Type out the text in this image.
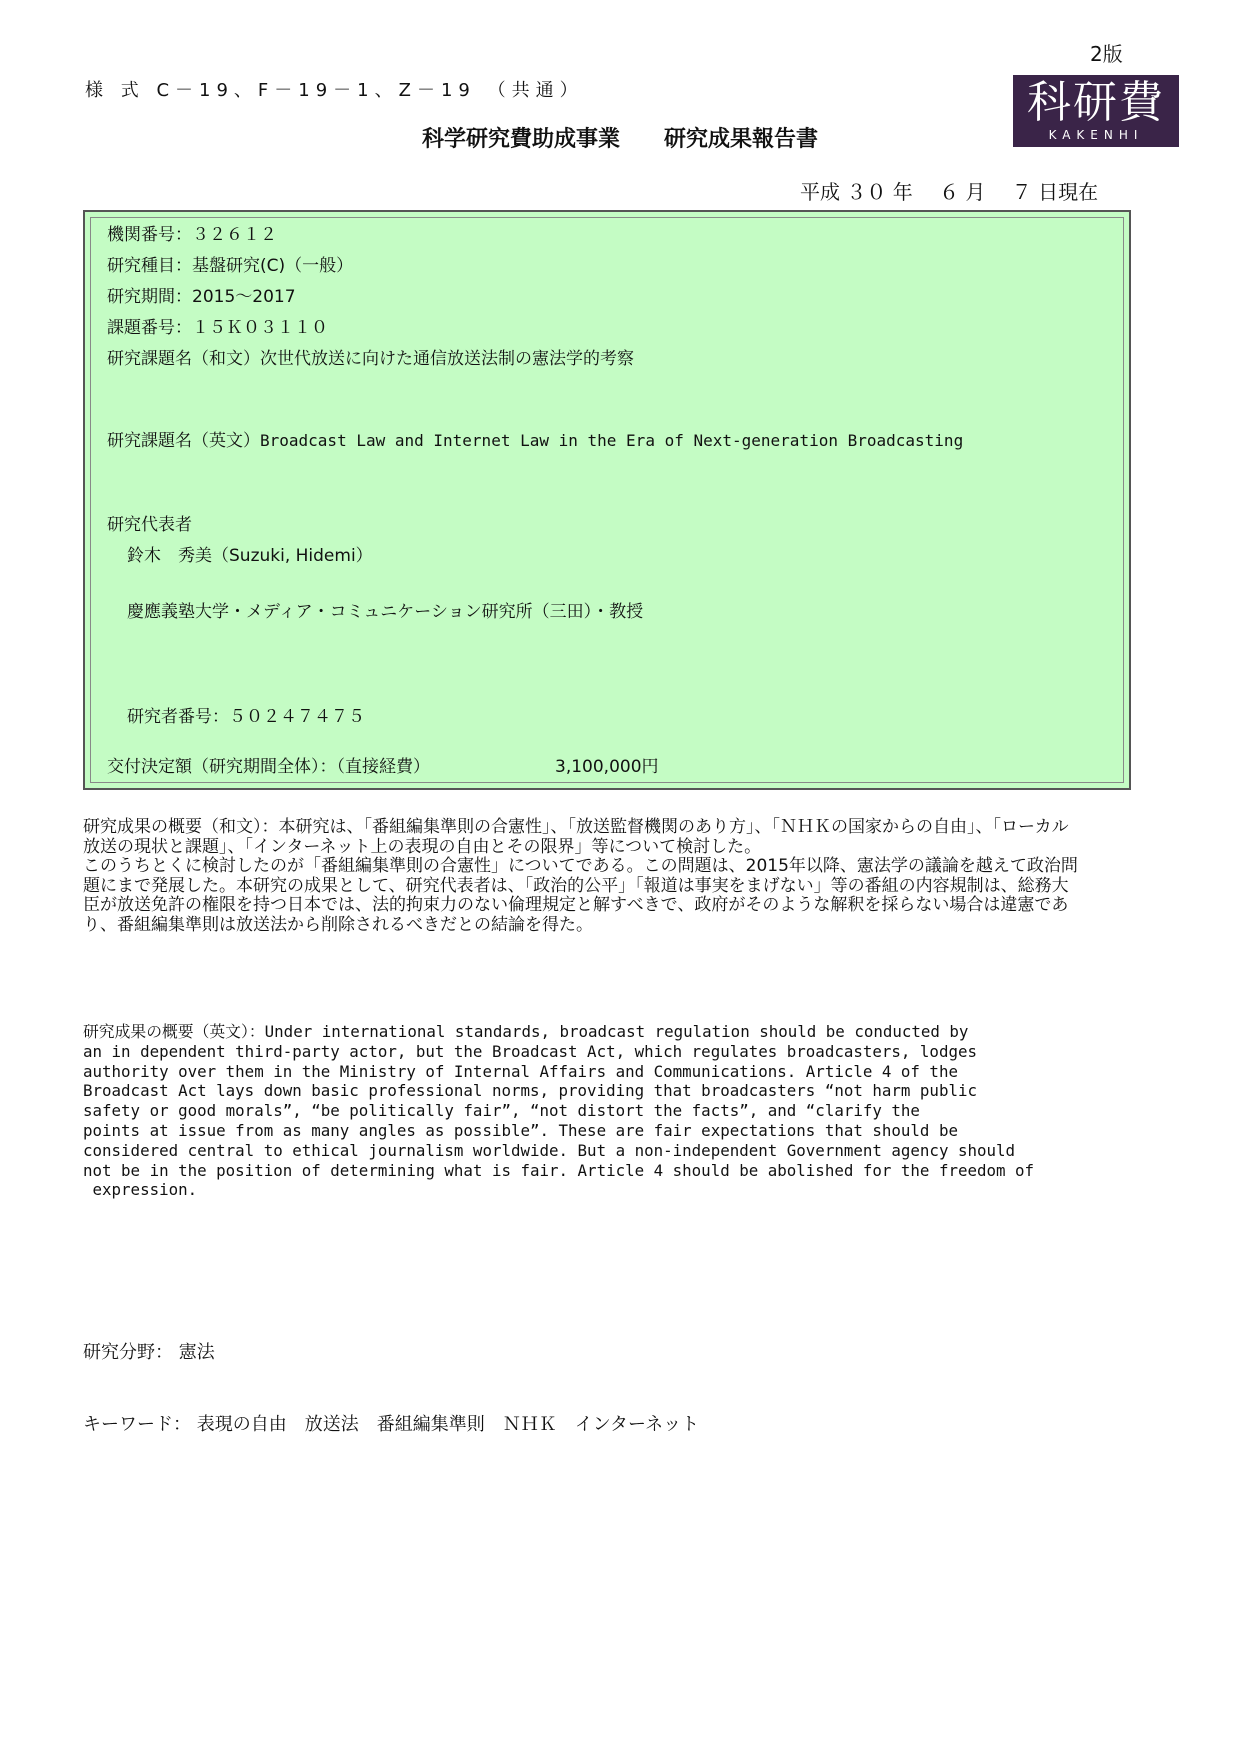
2版
様 式 C－19、F－19－1、Z－19 （共通）
科学研究費助成事業　　研究成果報告書
科研費
KAKENHI
平成 ３０ 年　 ６ 月　 ７ 日現在
機関番号：３２６１２
研究種目：基盤研究(C)（一般）
研究期間：2015～2017
課題番号：１５Ｋ０３１１０
研究課題名（和文）次世代放送に向けた通信放送法制の憲法学的考察
研究課題名（英文）Broadcast Law and Internet Law in the Era of Next-generation Broadcasting
研究代表者
鈴木　秀美（Suzuki, Hidemi）
慶應義塾大学・メディア・コミュニケーション研究所（三田）・教授
研究者番号：５０２４７４７５
交付決定額（研究期間全体）：（直接経費）	3,100,000円

研究成果の概要（和文）：本研究は、「番組編集準則の合憲性」、「放送監督機関のあり方」、「ＮＨＫの国家からの自由」、「ローカル放送の現状と課題」、「インターネット上の表現の自由とその限界」等について検討した。

このうちとくに検討したのが「番組編集準則の合憲性」についてである。この問題は、2015年以降、憲法学の議論を越えて政治問題にまで発展した。本研究の成果として、研究代表者は、「政治的公平」「報道は事実をまげない」等の番組の内容規制は、総務大臣が放送免許の権限を持つ日本では、法的拘束力のない倫理規定と解すべきで、政府がそのような解釈を採らない場合は違憲であり、番組編集準則は放送法から削除されるべきだとの結論を得た。

研究成果の概要（英文）：Under international standards, broadcast regulation should be conducted by
an in dependent third-party actor, but the Broadcast Act, which regulates broadcasters, lodges
authority over them in the Ministry of Internal Affairs and Communications. Article 4 of the
Broadcast Act lays down basic professional norms, providing that broadcasters “not harm public
safety or good morals”, “be politically fair”, “not distort the facts”, and “clarify the
points at issue from as many angles as possible”. These are fair expectations that should be
considered central to ethical journalism worldwide. But a non-independent Government agency should
not be in the position of determining what is fair. Article 4 should be abolished for the freedom of
expression.
研究分野： 憲法
キーワード： 表現の自由　放送法　番組編集準則　ＮＨＫ　インターネット
